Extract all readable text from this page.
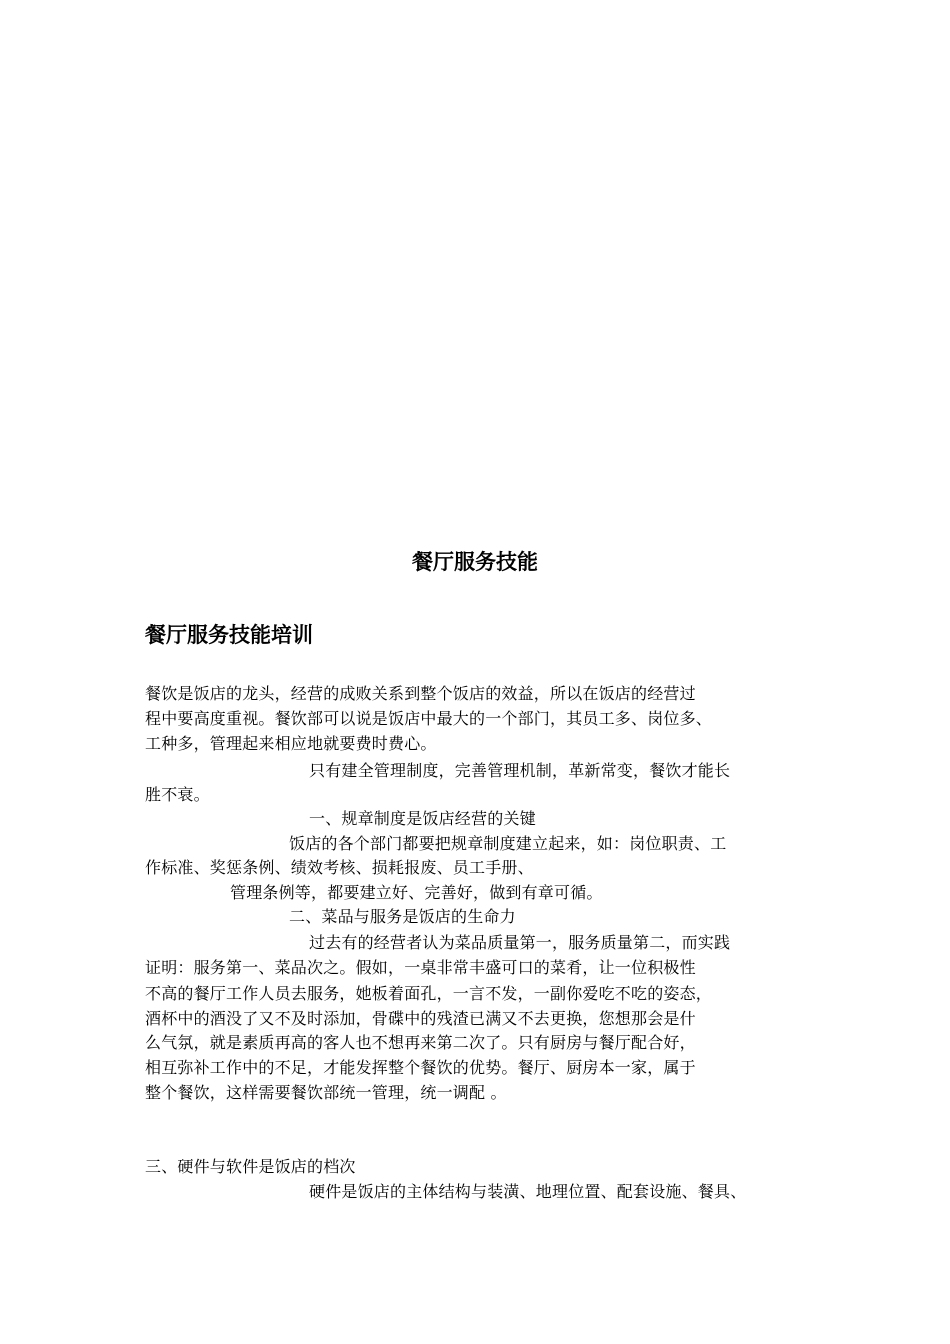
餐厅服务技能
餐厅服务技能培训
餐饮是饭店的龙头，经营的成败关系到整个饭店的效益，所以在饭店的经营过
程中要高度重视。餐饮部可以说是饭店中最大的一个部门，其员工多、岗位多、
工种多，管理起来相应地就要费时费心。
只有建全管理制度，完善管理机制，革新常变，餐饮才能长
胜不衰。
一、规章制度是饭店经营的关键
饭店的各个部门都要把规章制度建立起来，如：岗位职责、工
作标准、奖惩条例、绩效考核、损耗报废、员工手册、
管理条例等，都要建立好、完善好，做到有章可循。
二、菜品与服务是饭店的生命力
过去有的经营者认为菜品质量第一，服务质量第二，而实践
证明：服务第一、菜品次之。假如，一桌非常丰盛可口的菜肴，让一位积极性
不高的餐厅工作人员去服务，她板着面孔，一言不发，一副你爱吃不吃的姿态，
酒杯中的酒没了又不及时添加，骨碟中的残渣已满又不去更换，您想那会是什
么气氛，就是素质再高的客人也不想再来第二次了。只有厨房与餐厅配合好，
相互弥补工作中的不足，才能发挥整个餐饮的优势。餐厅、厨房本一家，属于
整个餐饮，这样需要餐饮部统一管理，统一调配 。
三、硬件与软件是饭店的档次
硬件是饭店的主体结构与装潢、地理位置、配套设施、餐具、
